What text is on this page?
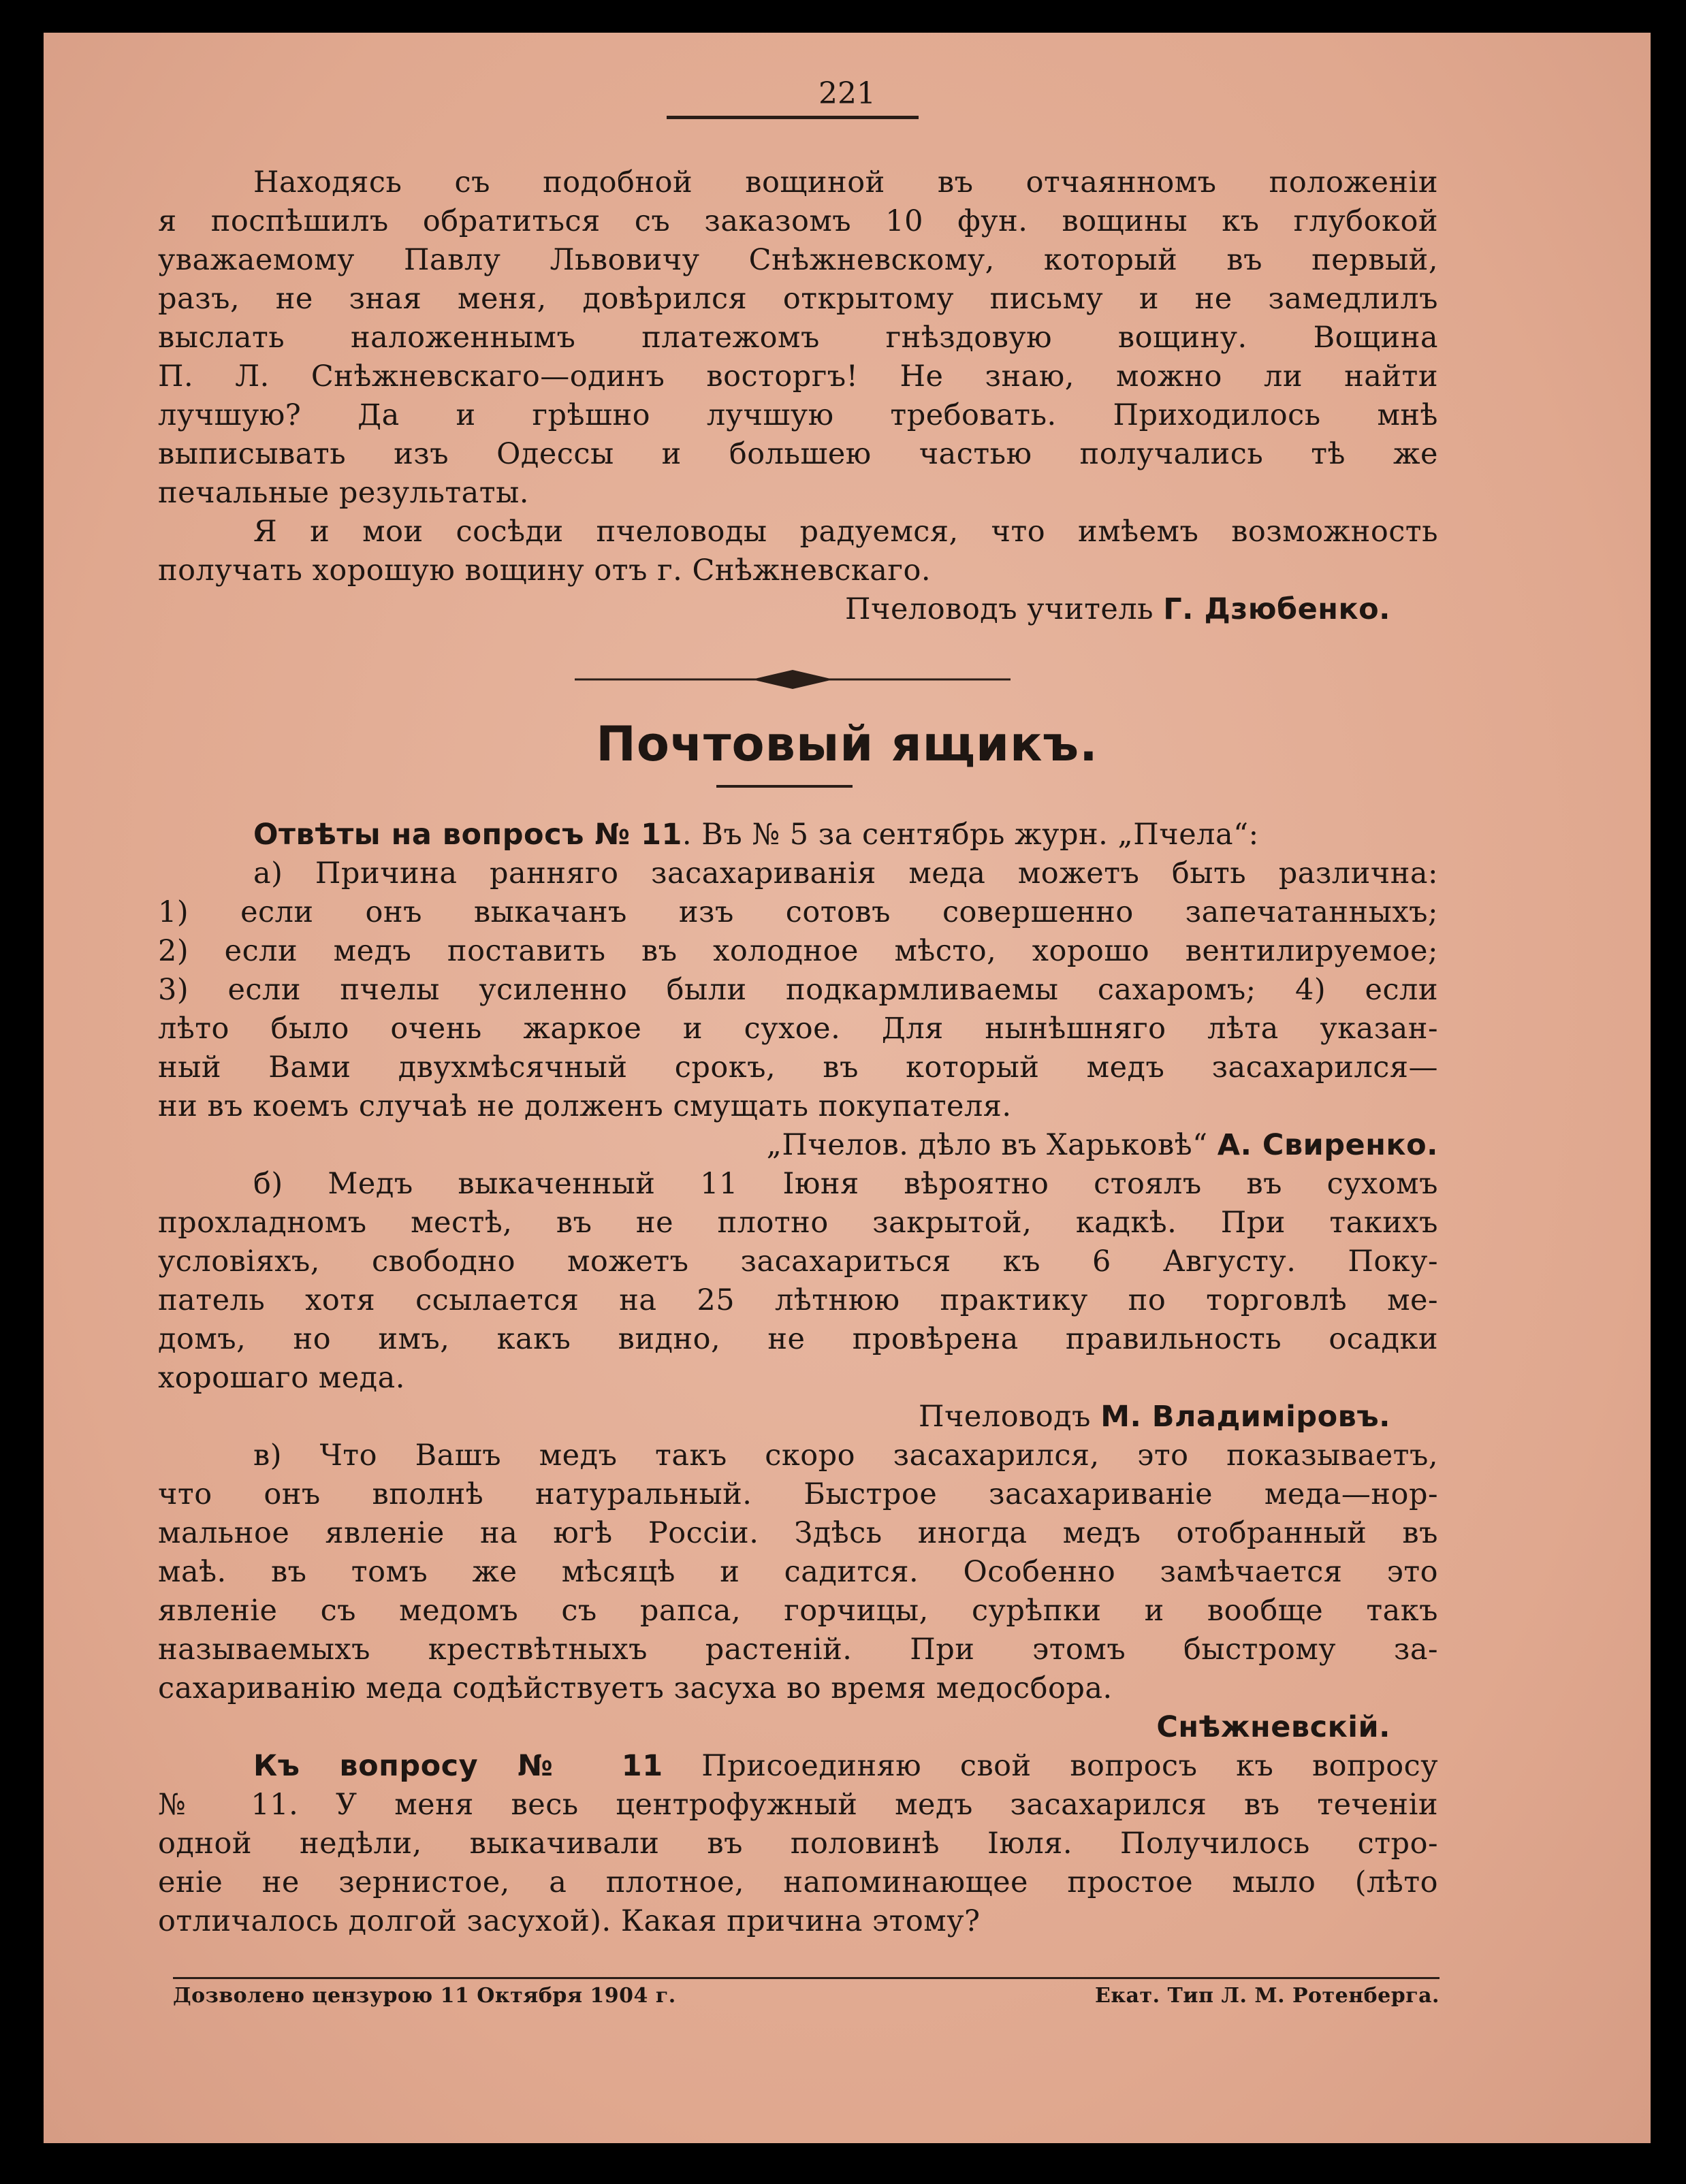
221
Находясь съ подобной вощиной въ отчаянномъ положеніи
я поспѣшилъ обратиться съ заказомъ 10 фун. вощины къ глубокой
уважаемому Павлу Львовичу Снѣжневскому, который въ первый,
разъ, не зная меня, довѣрился открытому письму и не замедлилъ
выслать наложеннымъ платежомъ гнѣздовую вощину. Вощина
П. Л. Снѣжневскаго—одинъ восторгъ! Не знаю, можно ли найти
лучшую? Да и грѣшно лучшую требовать. Приходилось мнѣ
выписывать изъ Одессы и большею частью получались тѣ же
печальные результаты.
Я и мои сосѣди пчеловоды радуемся, что имѣемъ возможность
получать хорошую вощину отъ г. Снѣжневскаго.
Пчеловодъ учитель Г. Дзюбенко.
Почтовый ящикъ.
Отвѣты на вопросъ № 11. Въ № 5 за сентябрь журн. „Пчела“:
а) Причина ранняго засахариванія меда можетъ быть различна:
1) если онъ выкачанъ изъ сотовъ совершенно запечатанныхъ;
2) если медъ поставить въ холодное мѣсто, хорошо вентилируемое;
3) если пчелы усиленно были подкармливаемы сахаромъ; 4) если
лѣто было очень жаркое и сухое. Для нынѣшняго лѣта указан-
ный Вами двухмѣсячный срокъ, въ который медъ засахарился—
ни въ коемъ случаѣ не долженъ смущать покупателя.
„Пчелов. дѣло въ Харьковѣ“ А. Свиренко.
б) Медъ выкаченный 11 Іюня вѣроятно стоялъ въ сухомъ
прохладномъ местѣ, въ не плотно закрытой, кадкѣ. При такихъ
условіяхъ, свободно можетъ засахариться къ 6 Августу. Поку-
патель хотя ссылается на 25 лѣтнюю практику по торговлѣ ме-
домъ, но имъ, какъ видно, не провѣрена правильность осадки
хорошаго меда.
Пчеловодъ М. Владиміровъ.
в) Что Вашъ медъ такъ скоро засахарился, это показываетъ,
что онъ вполнѣ натуральный. Быстрое засахариваніе меда—нор-
мальное явленіе на югѣ Россіи. Здѣсь иногда медъ отобранный въ
маѣ. въ томъ же мѣсяцѣ и садится. Особенно замѣчается это
явленіе съ медомъ съ рапса, горчицы, сурѣпки и вообще такъ
называемыхъ крествѣтныхъ растеній. При этомъ быстрому за-
сахариванію меда содѣйствуетъ засуха во время медосбора.
Снѣжневскій.
Къ вопросу № 11 Присоединяю свой вопросъ къ вопросу
№ 11. У меня весь центрофужный медъ засахарился въ теченіи
одной недѣли, выкачивали въ половинѣ Іюля. Получилось стро-
еніе не зернистое, а плотное, напоминающее простое мыло (лѣто
отличалось долгой засухой). Какая причина этому?
Дозволено цензурою 11 Октября 1904 г.	Екат. Тип Л. М. Ротенберга.
